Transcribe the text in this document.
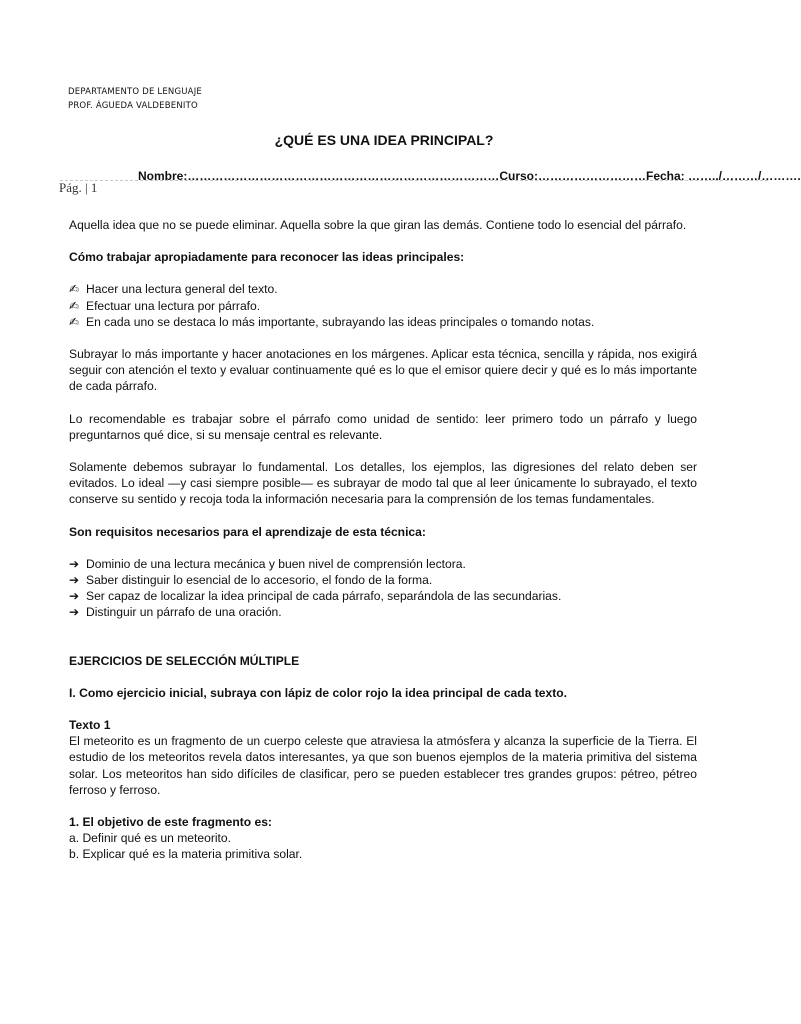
DEPARTAMENTO DE LENGUAJE
PROF. ÁGUEDA VALDEBENITO
¿QUÉ ES UNA IDEA PRINCIPAL?
Nombre:……………………………………………………………………Curso:………………………Fecha: ……../………/……….
Pág. | 1

Aquella idea que no se puede eliminar. Aquella sobre la que giran las demás. Contiene todo lo esencial del párrafo.

Cómo trabajar apropiadamente para reconocer las ideas principales:

✍ Hacer una lectura general del texto.
✍ Efectuar una lectura por párrafo.
✍ En cada uno se destaca lo más importante, subrayando las ideas principales o tomando notas.

Subrayar lo más importante y hacer anotaciones en los márgenes. Aplicar esta técnica, sencilla y rápida, nos exigirá seguir con atención el texto y evaluar continuamente qué es lo que el emisor quiere decir y qué es lo más importante de cada párrafo.

Lo recomendable es trabajar sobre el párrafo como unidad de sentido: leer primero todo un párrafo y luego preguntarnos qué dice, si su mensaje central es relevante.

Solamente debemos subrayar lo fundamental. Los detalles, los ejemplos, las digresiones del relato deben ser evitados. Lo ideal —y casi siempre posible— es subrayar de modo tal que al leer únicamente lo subrayado, el texto conserve su sentido y recoja toda la información necesaria para la comprensión de los temas fundamentales.

Son requisitos necesarios para el aprendizaje de esta técnica:

➔ Dominio de una lectura mecánica y buen nivel de comprensión lectora.
➔ Saber distinguir lo esencial de lo accesorio, el fondo de la forma.
➔ Ser capaz de localizar la idea principal de cada párrafo, separándola de las secundarias.
➔ Distinguir un párrafo de una oración.

EJERCICIOS DE SELECCIÓN MÚLTIPLE

I. Como ejercicio inicial, subraya con lápiz de color rojo la idea principal de cada texto.

Texto 1

El meteorito es un fragmento de un cuerpo celeste que atraviesa la atmósfera y alcanza la superficie de la Tierra. El estudio de los meteoritos revela datos interesantes, ya que son buenos ejemplos de la materia primitiva del sistema solar. Los meteoritos han sido difíciles de clasificar, pero se pueden establecer tres grandes grupos: pétreo, pétreo ferroso y ferroso.

1. El objetivo de este fragmento es:

a. Definir qué es un meteorito.
b. Explicar qué es la materia primitiva solar.
